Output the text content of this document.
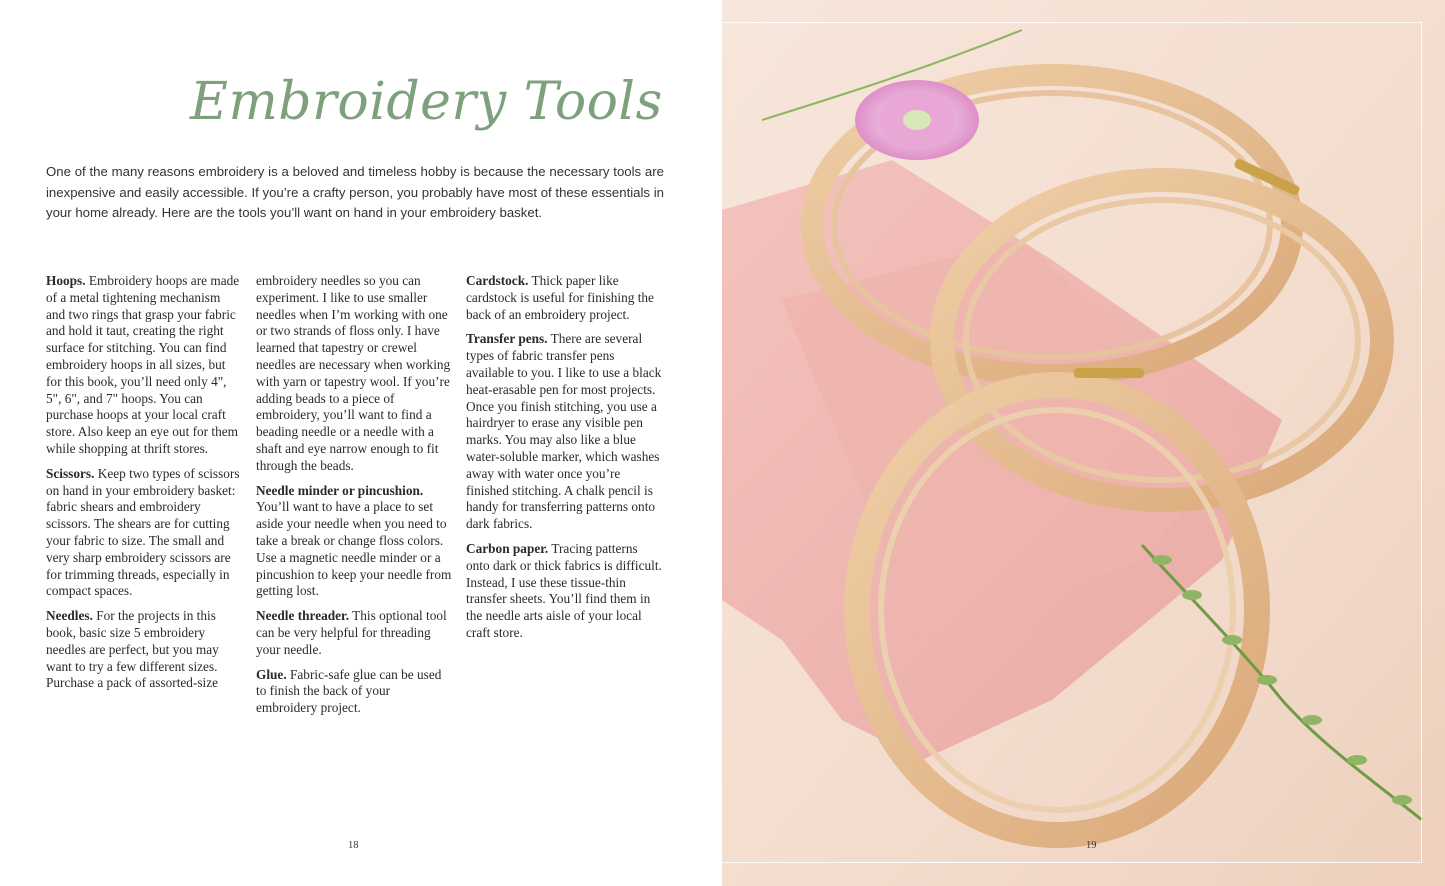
Embroidery Tools

One of the many reasons embroidery is a beloved and timeless hobby is because the necessary tools are inexpensive and easily accessible. If you’re a crafty person, you probably have most of these essentials in your home already. Here are the tools you’ll want on hand in your embroidery basket.

Hoops. Embroidery hoops are made of a metal tightening mechanism and two rings that grasp your fabric and hold it taut, creating the right surface for stitching. You can find embroidery hoops in all sizes, but for this book, you’ll need only 4", 5", 6", and 7" hoops. You can purchase hoops at your local craft store. Also keep an eye out for them while shopping at thrift stores.

Scissors. Keep two types of scissors on hand in your embroidery basket: fabric shears and embroidery scissors. The shears are for cutting your fabric to size. The small and very sharp embroidery scissors are for trimming threads, especially in compact spaces.

Needles. For the projects in this book, basic size 5 embroidery needles are perfect, but you may want to try a few different sizes. Purchase a pack of assorted-size

embroidery needles so you can experiment. I like to use smaller needles when I’m working with one or two strands of floss only. I have learned that tapestry or crewel needles are necessary when working with yarn or tapestry wool. If you’re adding beads to a piece of embroidery, you’ll want to find a beading needle or a needle with a shaft and eye narrow enough to fit through the beads.

Needle minder or pincushion. You’ll want to have a place to set aside your needle when you need to take a break or change floss colors. Use a magnetic needle minder or a pincushion to keep your needle from getting lost.

Needle threader. This optional tool can be very helpful for threading your needle.

Glue. Fabric-safe glue can be used to finish the back of your embroidery project.

Cardstock. Thick paper like cardstock is useful for finishing the back of an embroidery project.

Transfer pens. There are several types of fabric transfer pens available to you. I like to use a black heat-erasable pen for most projects. Once you finish stitching, you use a hairdryer to erase any visible pen marks. You may also like a blue water-soluble marker, which washes away with water once you’re finished stitching. A chalk pencil is handy for transferring patterns onto dark fabrics.

Carbon paper. Tracing patterns onto dark or thick fabrics is difficult. Instead, I use these tissue-thin transfer sheets. You’ll find them in the needle arts aisle of your local craft store.

18	19
